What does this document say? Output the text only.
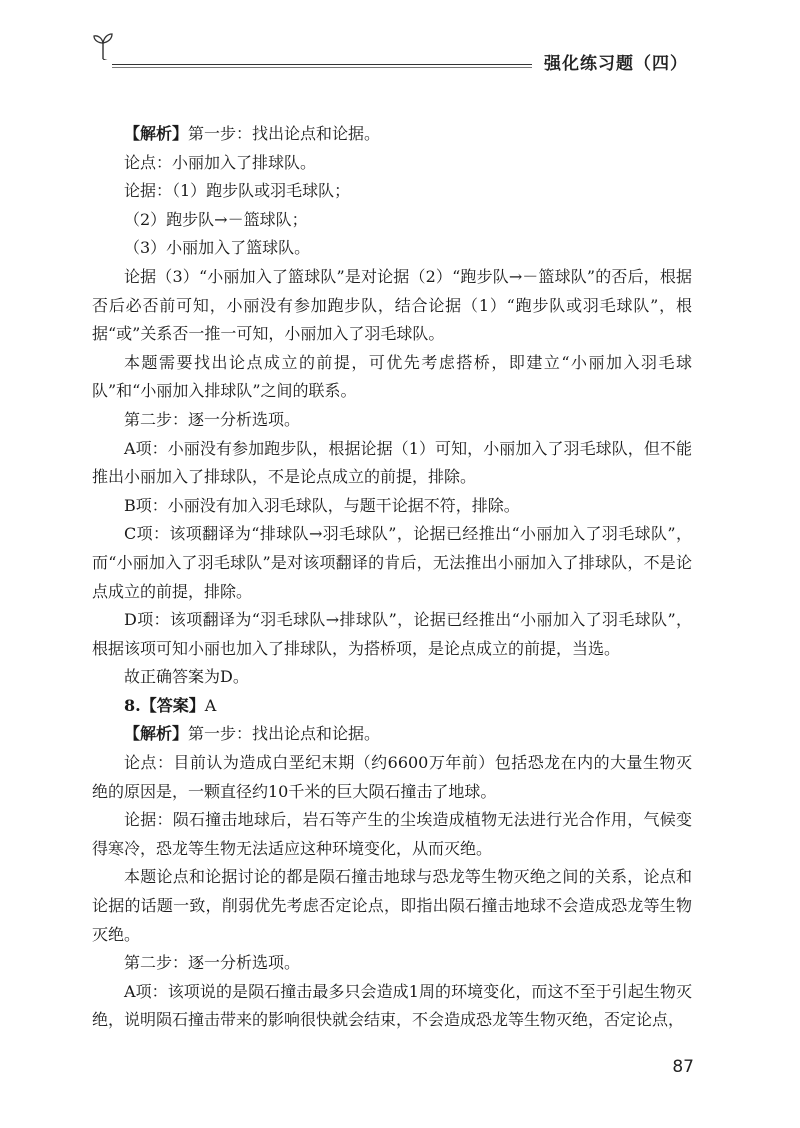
强化练习题（四）

【解析】第一步：找出论点和论据。

论点：小丽加入了排球队。

论据：（1）跑步队或羽毛球队；

（2）跑步队→－篮球队；

（3）小丽加入了篮球队。

论据（3）“小丽加入了篮球队”是对论据（2）“跑步队→－篮球队”的否后，根据否后必否前可知，小丽没有参加跑步队，结合论据（1）“跑步队或羽毛球队”，根据“或”关系否一推一可知，小丽加入了羽毛球队。

本题需要找出论点成立的前提，可优先考虑搭桥，即建立“小丽加入羽毛球队”和“小丽加入排球队”之间的联系。

第二步：逐一分析选项。

A项：小丽没有参加跑步队，根据论据（1）可知，小丽加入了羽毛球队，但不能推出小丽加入了排球队，不是论点成立的前提，排除。

B项：小丽没有加入羽毛球队，与题干论据不符，排除。

C项：该项翻译为“排球队→羽毛球队”，论据已经推出“小丽加入了羽毛球队”，而“小丽加入了羽毛球队”是对该项翻译的肯后，无法推出小丽加入了排球队，不是论点成立的前提，排除。

D项：该项翻译为“羽毛球队→排球队”，论据已经推出“小丽加入了羽毛球队”，根据该项可知小丽也加入了排球队，为搭桥项，是论点成立的前提，当选。

故正确答案为D。

8.【答案】A

【解析】第一步：找出论点和论据。

论点：目前认为造成白垩纪末期（约6600万年前）包括恐龙在内的大量生物灭绝的原因是，一颗直径约10千米的巨大陨石撞击了地球。

论据：陨石撞击地球后，岩石等产生的尘埃造成植物无法进行光合作用，气候变得寒冷，恐龙等生物无法适应这种环境变化，从而灭绝。

本题论点和论据讨论的都是陨石撞击地球与恐龙等生物灭绝之间的关系，论点和论据的话题一致，削弱优先考虑否定论点，即指出陨石撞击地球不会造成恐龙等生物灭绝。

第二步：逐一分析选项。

A项：该项说的是陨石撞击最多只会造成1周的环境变化，而这不至于引起生物灭绝，说明陨石撞击带来的影响很快就会结束，不会造成恐龙等生物灭绝，否定论点，

87
